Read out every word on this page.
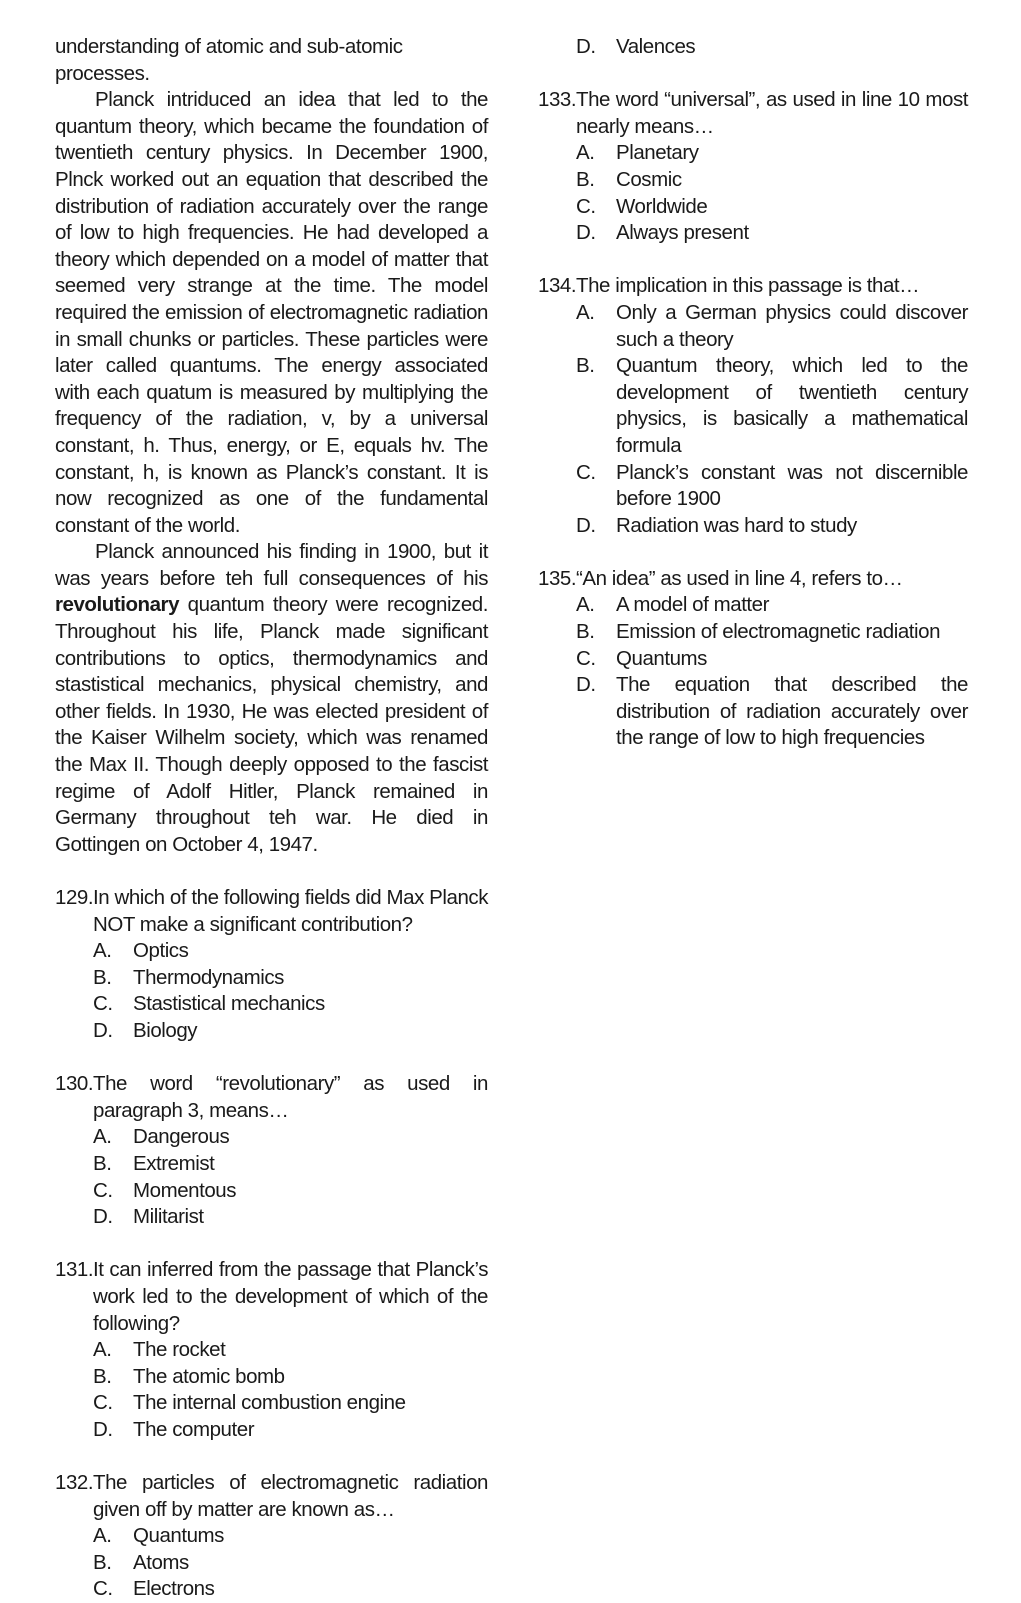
understanding of atomic and sub-atomic processes.

Planck intriduced an idea that led to the quantum theory, which became the foundation of twentieth century physics. In December 1900, Plnck worked out an equation that described the distribution of radiation accurately over the range of low to high frequencies. He had developed a theory which depended on a model of matter that seemed very strange at the time. The model required the emission of electromagnetic radiation in small chunks or particles. These particles were later called quantums. The energy associated with each quatum is measured by multiplying the frequency of the radiation, v, by a universal constant, h. Thus, energy, or E, equals hv. The constant, h, is known as Planck’s constant. It is now recognized as one of the fundamental constant of the world.

Planck announced his finding in 1900, but it was years before teh full consequences of his revolutionary quantum theory were recognized. Throughout his life, Planck made significant contributions to optics, thermodynamics and stastistical mechanics, physical chemistry, and other fields. In 1930, He was elected president of the Kaiser Wilhelm society, which was renamed the Max II. Though deeply opposed to the fascist regime of Adolf Hitler, Planck remained in Germany throughout teh war. He died in Gottingen on October 4, 1947.

129. In which of the following fields did Max Planck NOT make a significant contribution?
A.	Optics
B.	Thermodynamics
C. Stastistical mechanics
D. Biology
130. The word “revolutionary” as used in paragraph 3, means…
A.	Dangerous
B.	Extremist
C. Momentous
D. Militarist
131. It can inferred from the passage that Planck’s work led to the development of which of the following?
A.	The rocket
B.	The atomic bomb
C. The internal combustion engine
D. The computer
132. The particles of electromagnetic radiation given off by matter are known as…
A.	Quantums
B.	Atoms
C. Electrons
D. Valences
133. The word “universal”, as used in line 10 most nearly means…
A.	Planetary
B.	Cosmic
C. Worldwide
D. Always present
134. The implication in this passage is that…
A.	Only a German physics could discover such a theory
B.	Quantum theory, which led to the development of twentieth century physics, is basically a mathematical formula
C. Planck’s constant was not discernible before 1900
D. Radiation was hard to study
135. “An idea” as used in line 4, refers to…
A.	A model of matter
B.	Emission of electromagnetic radiation
C. Quantums
D. The equation that described the distribution of radiation accurately over the range of low to high frequencies
